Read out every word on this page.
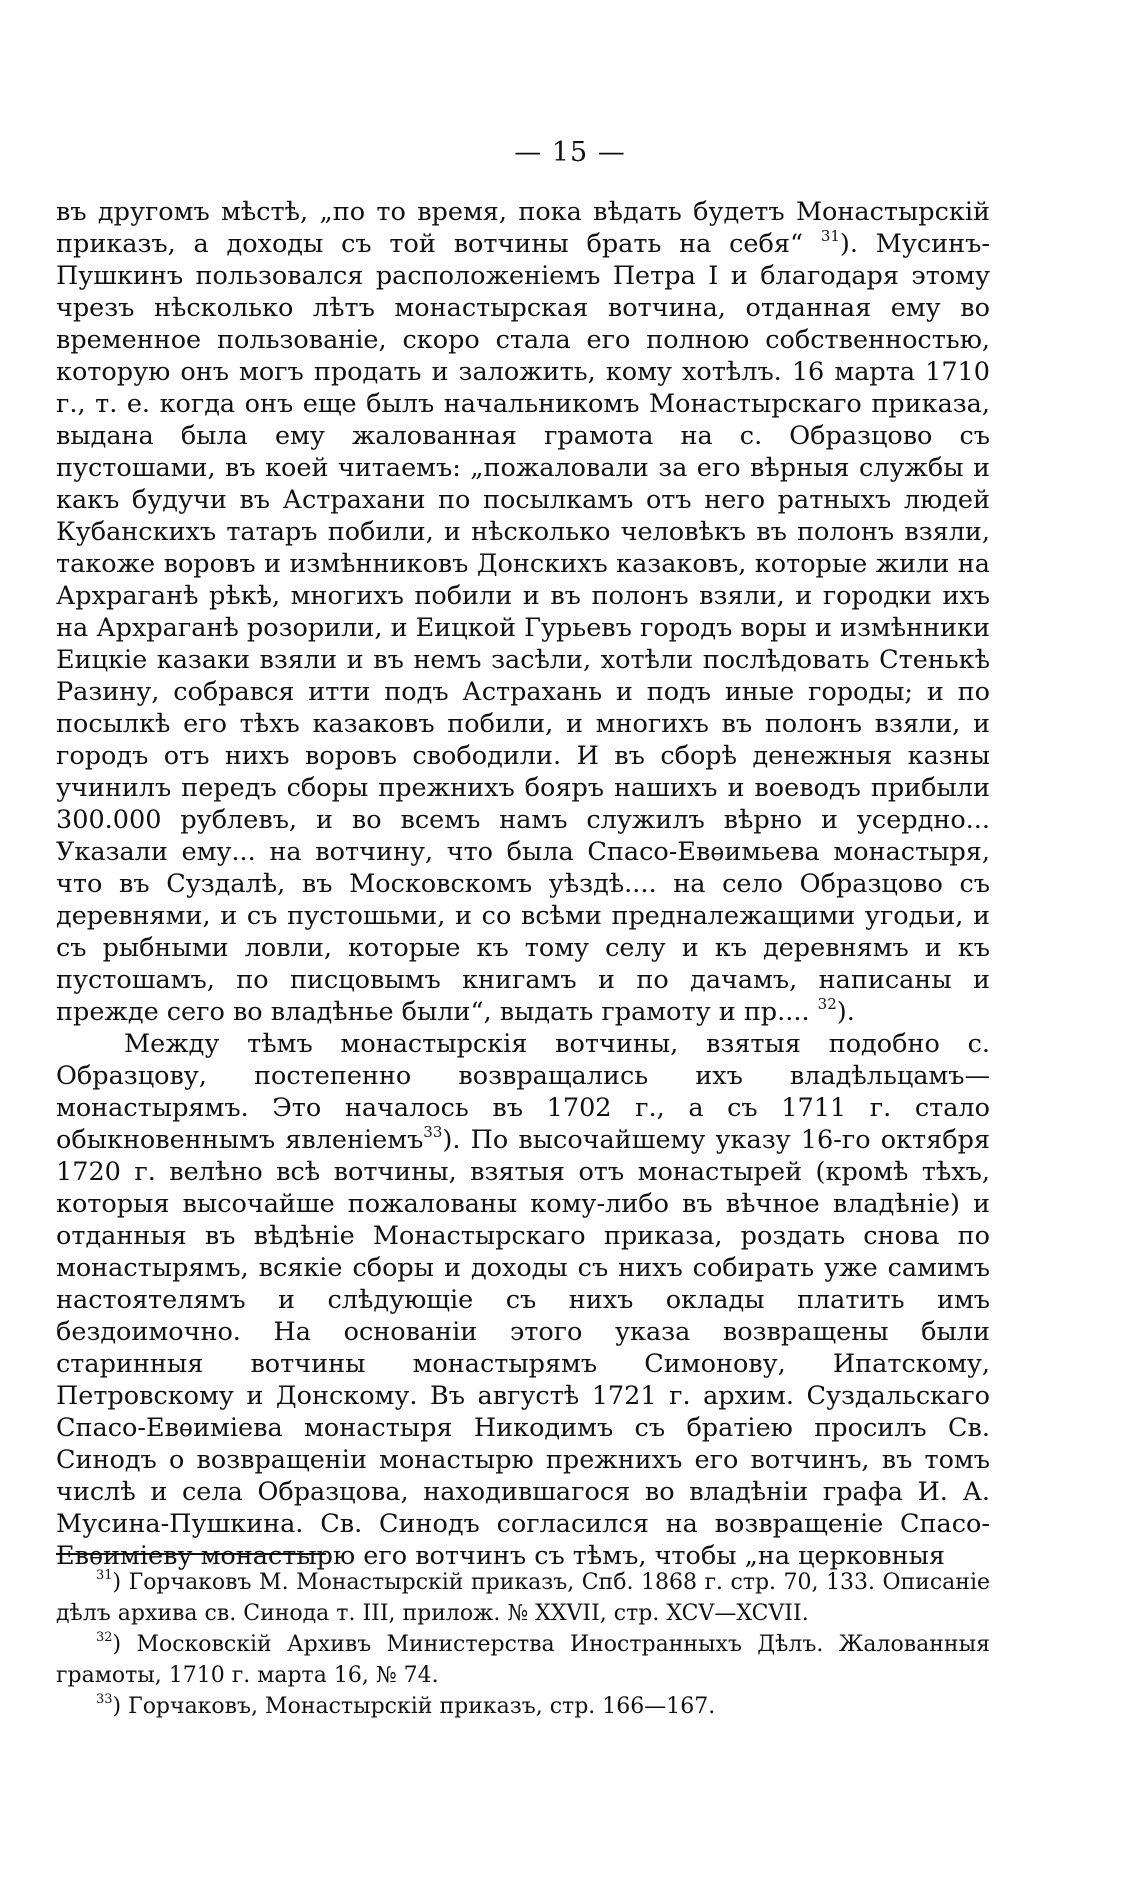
— 15 —

въ другомъ мѣстѣ, „по то время, пока вѣдать будетъ Монастырскій приказъ, а доходы съ той вотчины брать на себя“ $^{31}$). Мусинъ-Пушкинъ пользовался расположеніемъ Петра I и благодаря этому чрезъ нѣсколько лѣтъ монастырская вотчина, отданная ему во временное пользованіе, скоро стала его полною собственностью, которую онъ могъ продать и заложить, кому хотѣлъ. 16 марта 1710 г., т. е. когда онъ еще былъ начальникомъ Монастырскаго приказа, выдана была ему жалованная грамота на с. Образцово съ пустошами, въ коей читаемъ: „пожаловали за его вѣрныя службы и какъ будучи въ Астрахани по посылкамъ отъ него ратныхъ людей Кубанскихъ татаръ побили, и нѣсколько человѣкъ въ полонъ взяли, такоже воровъ и измѣнниковъ Донскихъ казаковъ, которые жили на Архраганѣ рѣкѣ, многихъ побили и въ полонъ взяли, и городки ихъ на Архраганѣ розорили, и Еицкой Гурьевъ городъ воры и измѣнники Еицкіе казаки взяли и въ немъ засѣли, хотѣли послѣдовать Стенькѣ Разину, собрався итти подъ Астрахань и подъ иные городы; и по посылкѣ его тѣхъ казаковъ побили, и многихъ въ полонъ взяли, и городъ отъ нихъ воровъ свободили. И въ сборѣ денежныя казны учинилъ передъ сборы прежнихъ бояръ нашихъ и воеводъ прибыли 300.000 рублевъ, и во всемъ намъ служилъ вѣрно и усердно... Указали ему... на вотчину, что была Спасо-Евѳимьева монастыря, что въ Суздалѣ, въ Московскомъ уѣздѣ.... на село Образцово съ деревнями, и съ пустошьми, и со всѣми предналежащими угодьи, и съ рыбными ловли, которые къ тому селу и къ деревнямъ и къ пустошамъ, по писцовымъ книгамъ и по дачамъ, написаны и прежде сего во владѣнье были“, выдать грамоту и пр.... $^{32}$).

Между тѣмъ монастырскія вотчины, взятыя подобно с. Образцову, постепенно возвращались ихъ владѣльцамъ—монастырямъ. Это началось въ 1702 г., а съ 1711 г. стало обыкновеннымъ явленіемъ$^{33}$). По высочайшему указу 16-го октября 1720 г. велѣно всѣ вотчины, взятыя отъ монастырей (кромѣ тѣхъ, которыя высочайше пожалованы кому-либо въ вѣчное владѣніе) и отданныя въ вѣдѣніе Монастырскаго приказа, роздать снова по монастырямъ, всякіе сборы и доходы съ нихъ собирать уже самимъ настоятелямъ и слѣдующіе съ нихъ оклады платить имъ бездоимочно. На основаніи этого указа возвращены были старинныя вотчины монастырямъ Симонову, Ипатскому, Петровскому и Донскому. Въ августѣ 1721 г. архим. Суздальскаго Спасо-Евѳиміева монастыря Никодимъ съ братіею просилъ Св. Синодъ о возвращеніи монастырю прежнихъ его вотчинъ, въ томъ числѣ и села Образцова, находившагося во владѣніи графа И. А. Мусина-Пушкина. Св. Синодъ согласился на возвращеніе Спасо-Евѳиміеву монастырю его вотчинъ съ тѣмъ, чтобы „на церковныя

$^{31}$) Горчаковъ М. Монастырскій приказъ, Спб. 1868 г. стр. 70, 133. Описаніе дѣлъ архива св. Синода т. III, прилож. № XXVII, стр. XCV—XCVII.

$^{32}$) Московскій Архивъ Министерства Иностранныхъ Дѣлъ. Жалованныя грамоты, 1710 г. марта 16, № 74.

$^{33}$) Горчаковъ, Монастырскій приказъ, стр. 166—167.
